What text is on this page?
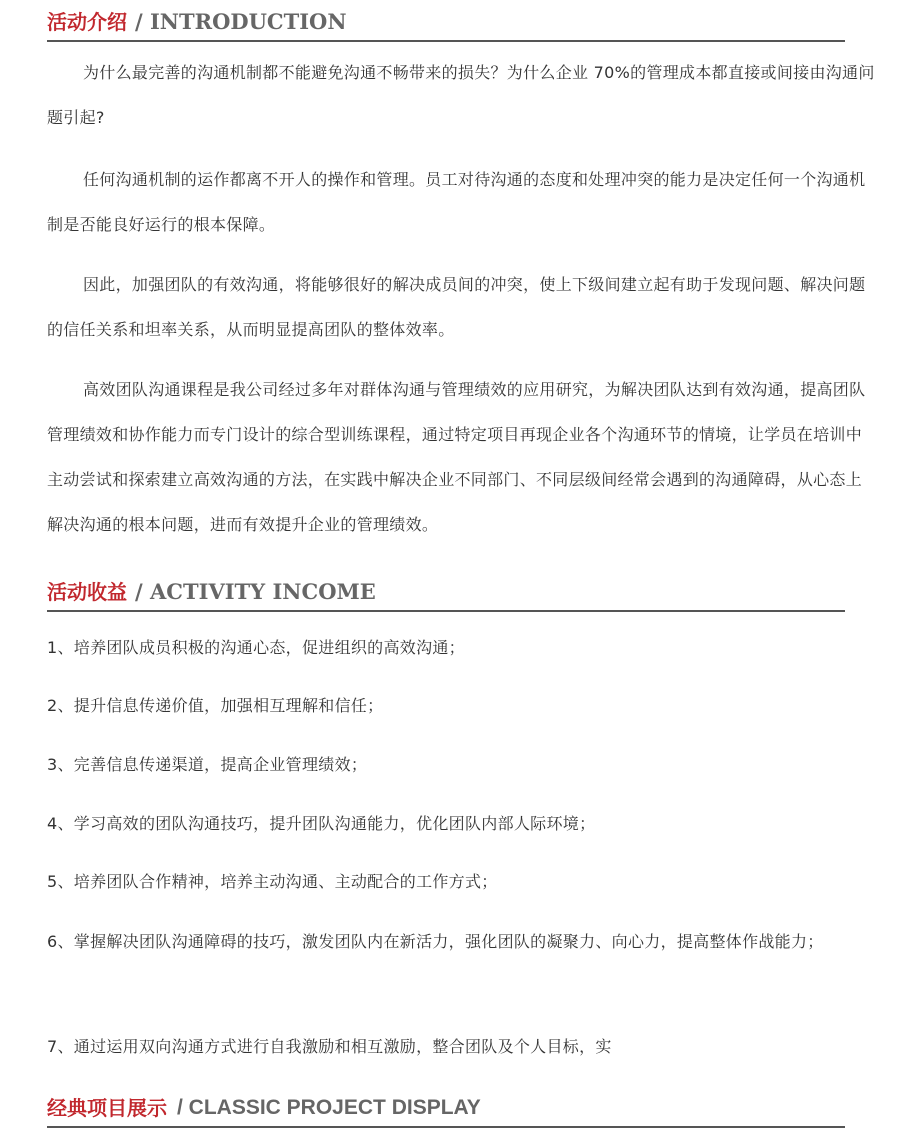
活动介绍 / INTRODUCTION

为什么最完善的沟通机制都不能避免沟通不畅带来的损失？为什么企业 70%的管理成本都直接或间接由沟通问题引起?

任何沟通机制的运作都离不开人的操作和管理。员工对待沟通的态度和处理冲突的能力是决定任何一个沟通机制是否能良好运行的根本保障。

因此，加强团队的有效沟通，将能够很好的解决成员间的冲突，使上下级间建立起有助于发现问题、解决问题的信任关系和坦率关系，从而明显提高团队的整体效率。

高效团队沟通课程是我公司经过多年对群体沟通与管理绩效的应用研究，为解决团队达到有效沟通，提高团队管理绩效和协作能力而专门设计的综合型训练课程，通过特定项目再现企业各个沟通环节的情境，让学员在培训中主动尝试和探索建立高效沟通的方法，在实践中解决企业不同部门、不同层级间经常会遇到的沟通障碍，从心态上解决沟通的根本问题，进而有效提升企业的管理绩效。

活动收益 / ACTIVITY INCOME

1、培养团队成员积极的沟通心态，促进组织的高效沟通；

2、提升信息传递价值，加强相互理解和信任；

3、完善信息传递渠道，提高企业管理绩效；

4、学习高效的团队沟通技巧，提升团队沟通能力，优化团队内部人际环境；

5、培养团队合作精神，培养主动沟通、主动配合的工作方式；

6、掌握解决团队沟通障碍的技巧，激发团队内在新活力，强化团队的凝聚力、向心力，提高整体作战能力；

7、通过运用双向沟通方式进行自我激励和相互激励，整合团队及个人目标，实

经典项目展示 / CLASSIC PROJECT DISPLAY
